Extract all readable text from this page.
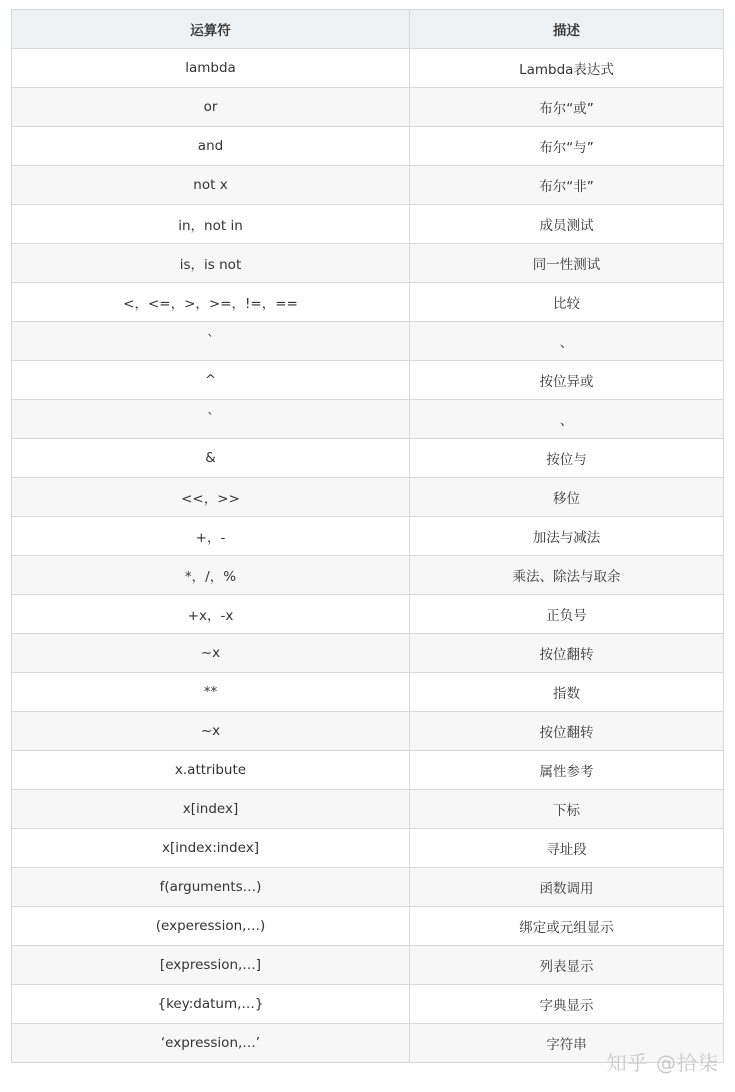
运算符	描述
lambda	Lambda表达式
or	布尔“或”
and	布尔“与”
not x	布尔“非”
in，not in	成员测试
is，is not	同一性测试
<，<=，>，>=，!=，==	比较
`	、
^	按位异或
`	、
&	按位与
<<，>>	移位
+，-	加法与减法
*，/，%	乘法、除法与取余
+x，-x	正负号
~x	按位翻转
**	指数
~x	按位翻转
x.attribute	属性参考
x[index]	下标
x[index:index]	寻址段
f(arguments…)	函数调用
(experession,…)	绑定或元组显示
[expression,…]	列表显示
{key:datum,…}	字典显示
‘expression,…’	字符串
知乎 @拾柒
